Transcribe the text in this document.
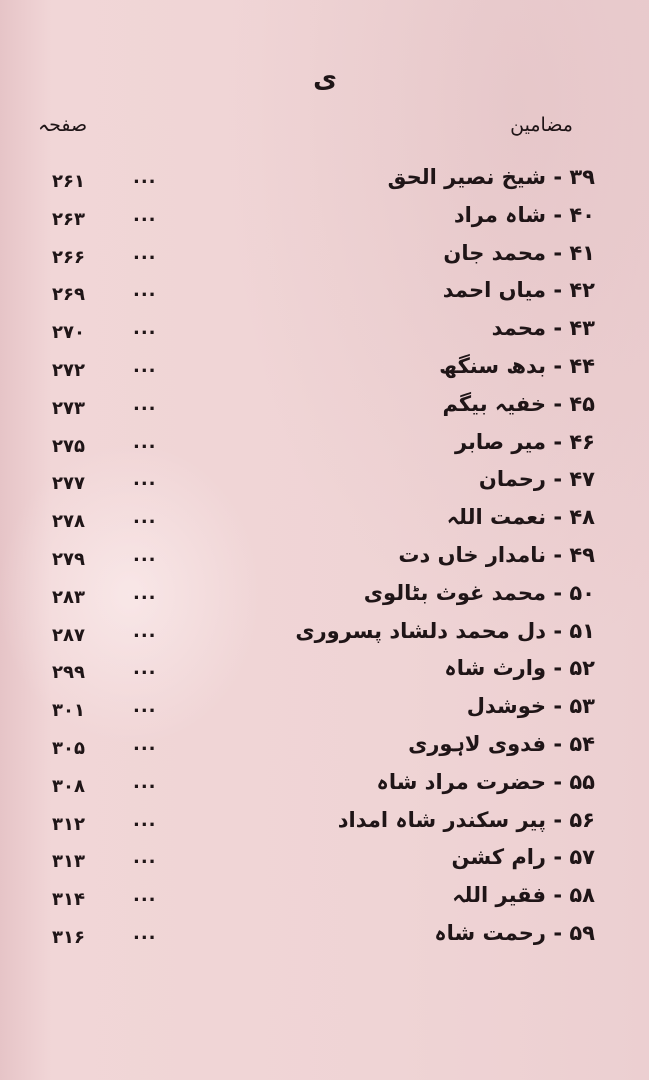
ی
مضامین
صفحہ
۲۶۱	...	۳۹ - شیخ نصیر الحق
۲۶۳	...	۴۰ - شاہ مراد
۲۶۶	...	۴۱ - محمد جان
۲۶۹	...	۴۲ - میاں احمد
۲۷۰	...	۴۳ - محمد
۲۷۲	...	۴۴ - بدھ سنگھ
۲۷۳	...	۴۵ - خفیہ بیگم
۲۷۵	...	۴۶ - میر صابر
۲۷۷	...	۴۷ - رحمان
۲۷۸	...	۴۸ - نعمت اللہ
۲۷۹	...	۴۹ - نامدار خاں دت
۲۸۳	...	۵۰ - محمد غوث بٹالوی
۲۸۷	...	۵۱ - دل محمد دلشاد پسروری
۲۹۹	...	۵۲ - وارث شاہ
۳۰۱	...	۵۳ - خوشدل
۳۰۵	...	۵۴ - فدوی لاہوری
۳۰۸	...	۵۵ - حضرت مراد شاہ
۳۱۲	...	۵۶ - پیر سکندر شاہ امداد
۳۱۳	...	۵۷ - رام کشن
۳۱۴	...	۵۸ - فقیر اللہ
۳۱۶	...	۵۹ - رحمت شاہ
